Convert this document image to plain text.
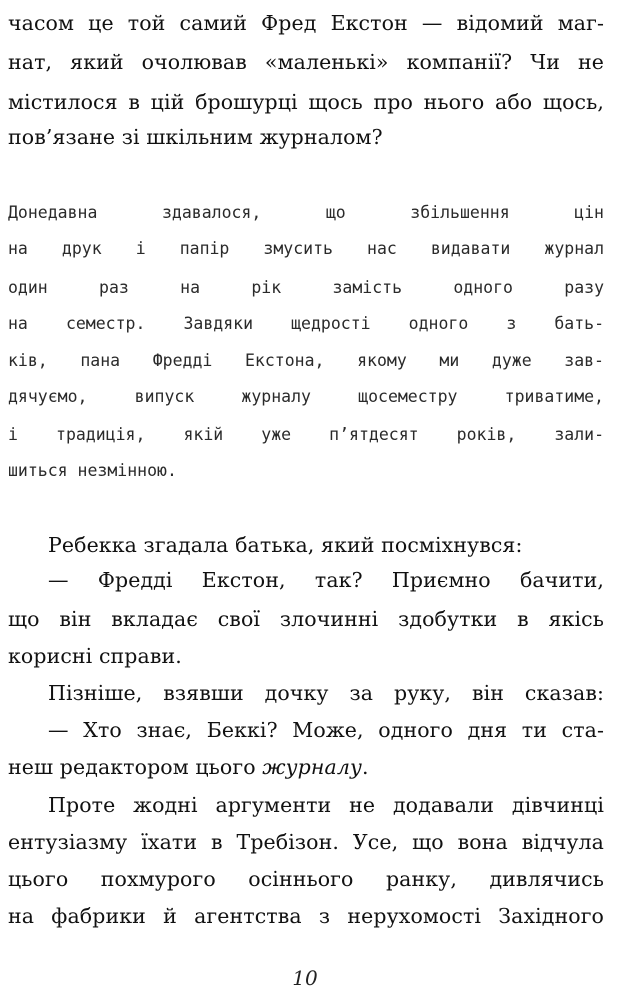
часом це той самий Фред Екстон — відомий маг-
нат, який очолював «маленькі» компанії? Чи не
містилося в цій брошурці щось про нього або щось,
пов’язане зі шкільним журналом?
Донедавна здавалося, що збільшення цін
на друк і папір змусить нас видавати журнал
один раз на рік замість одного разу
на семестр. Завдяки щедрості одного з бать-
ків, пана Фредді Екстона, якому ми дуже зав-
дячуємо, випуск журналу щосеместру триватиме,
і традиція, якій уже п’ятдесят років, зали-
шиться незмінною.
Ребекка згадала батька, який посміхнувся:
— Фредді Екстон, так? Приємно бачити,
що він вкладає свої злочинні здобутки в якісь
корисні справи.
Пізніше, взявши дочку за руку, він сказав:
— Хто знає, Беккі? Може, одного дня ти ста-
неш редактором цього журналу.
Проте жодні аргументи не додавали дівчинці
ентузіазму їхати в Требізон. Усе, що вона відчула
цього похмурого осіннього ранку, дивлячись
на фабрики й агентства з нерухомості Західного
10
